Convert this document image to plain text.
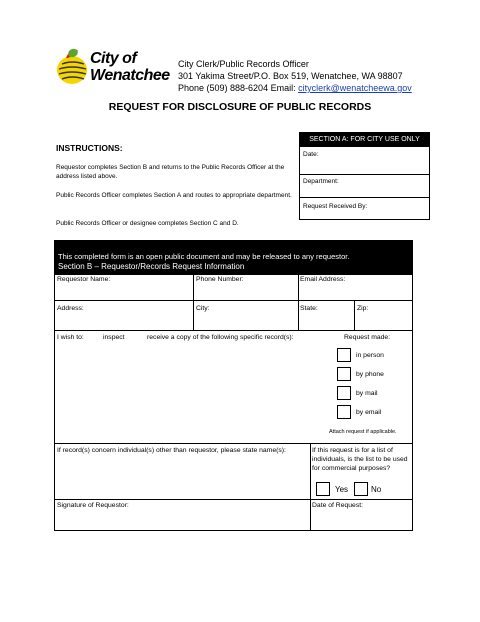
City of
Wenatchee
City Clerk/Public Records Officer
301 Yakima Street/P.O. Box 519, Wenatchee, WA 98807
Phone (509) 888-6204 Email: cityclerk@wenatcheewa.gov
REQUEST FOR DISCLOSURE OF PUBLIC RECORDS
INSTRUCTIONS:
Requestor completes Section B and returns to the Public Records Officer at the address listed above.
Public Records Officer completes Section A and routes to appropriate department.
Public Records Officer or designee completes Section C and D.
SECTION A: FOR CITY USE ONLY
Date:
Department:
Request Received By:
This completed form is an open public document and may be released to any requestor.
Section B – Requestor/Records Request Information
Requestor Name:	Phone Number:	Email Address:
Address:	City:	State:	Zip:
I wish to:	inspect	receive a copy of the following specific record(s):	Request made:
in person
by phone
by mail
by email
Attach request if applicable.
If record(s) concern individual(s) other than requestor, please state name(s):	If this request is for a list of individuals, is the list to be used for commercial purposes?
Yes	No
Signature of Requestor:	Date of Request:
